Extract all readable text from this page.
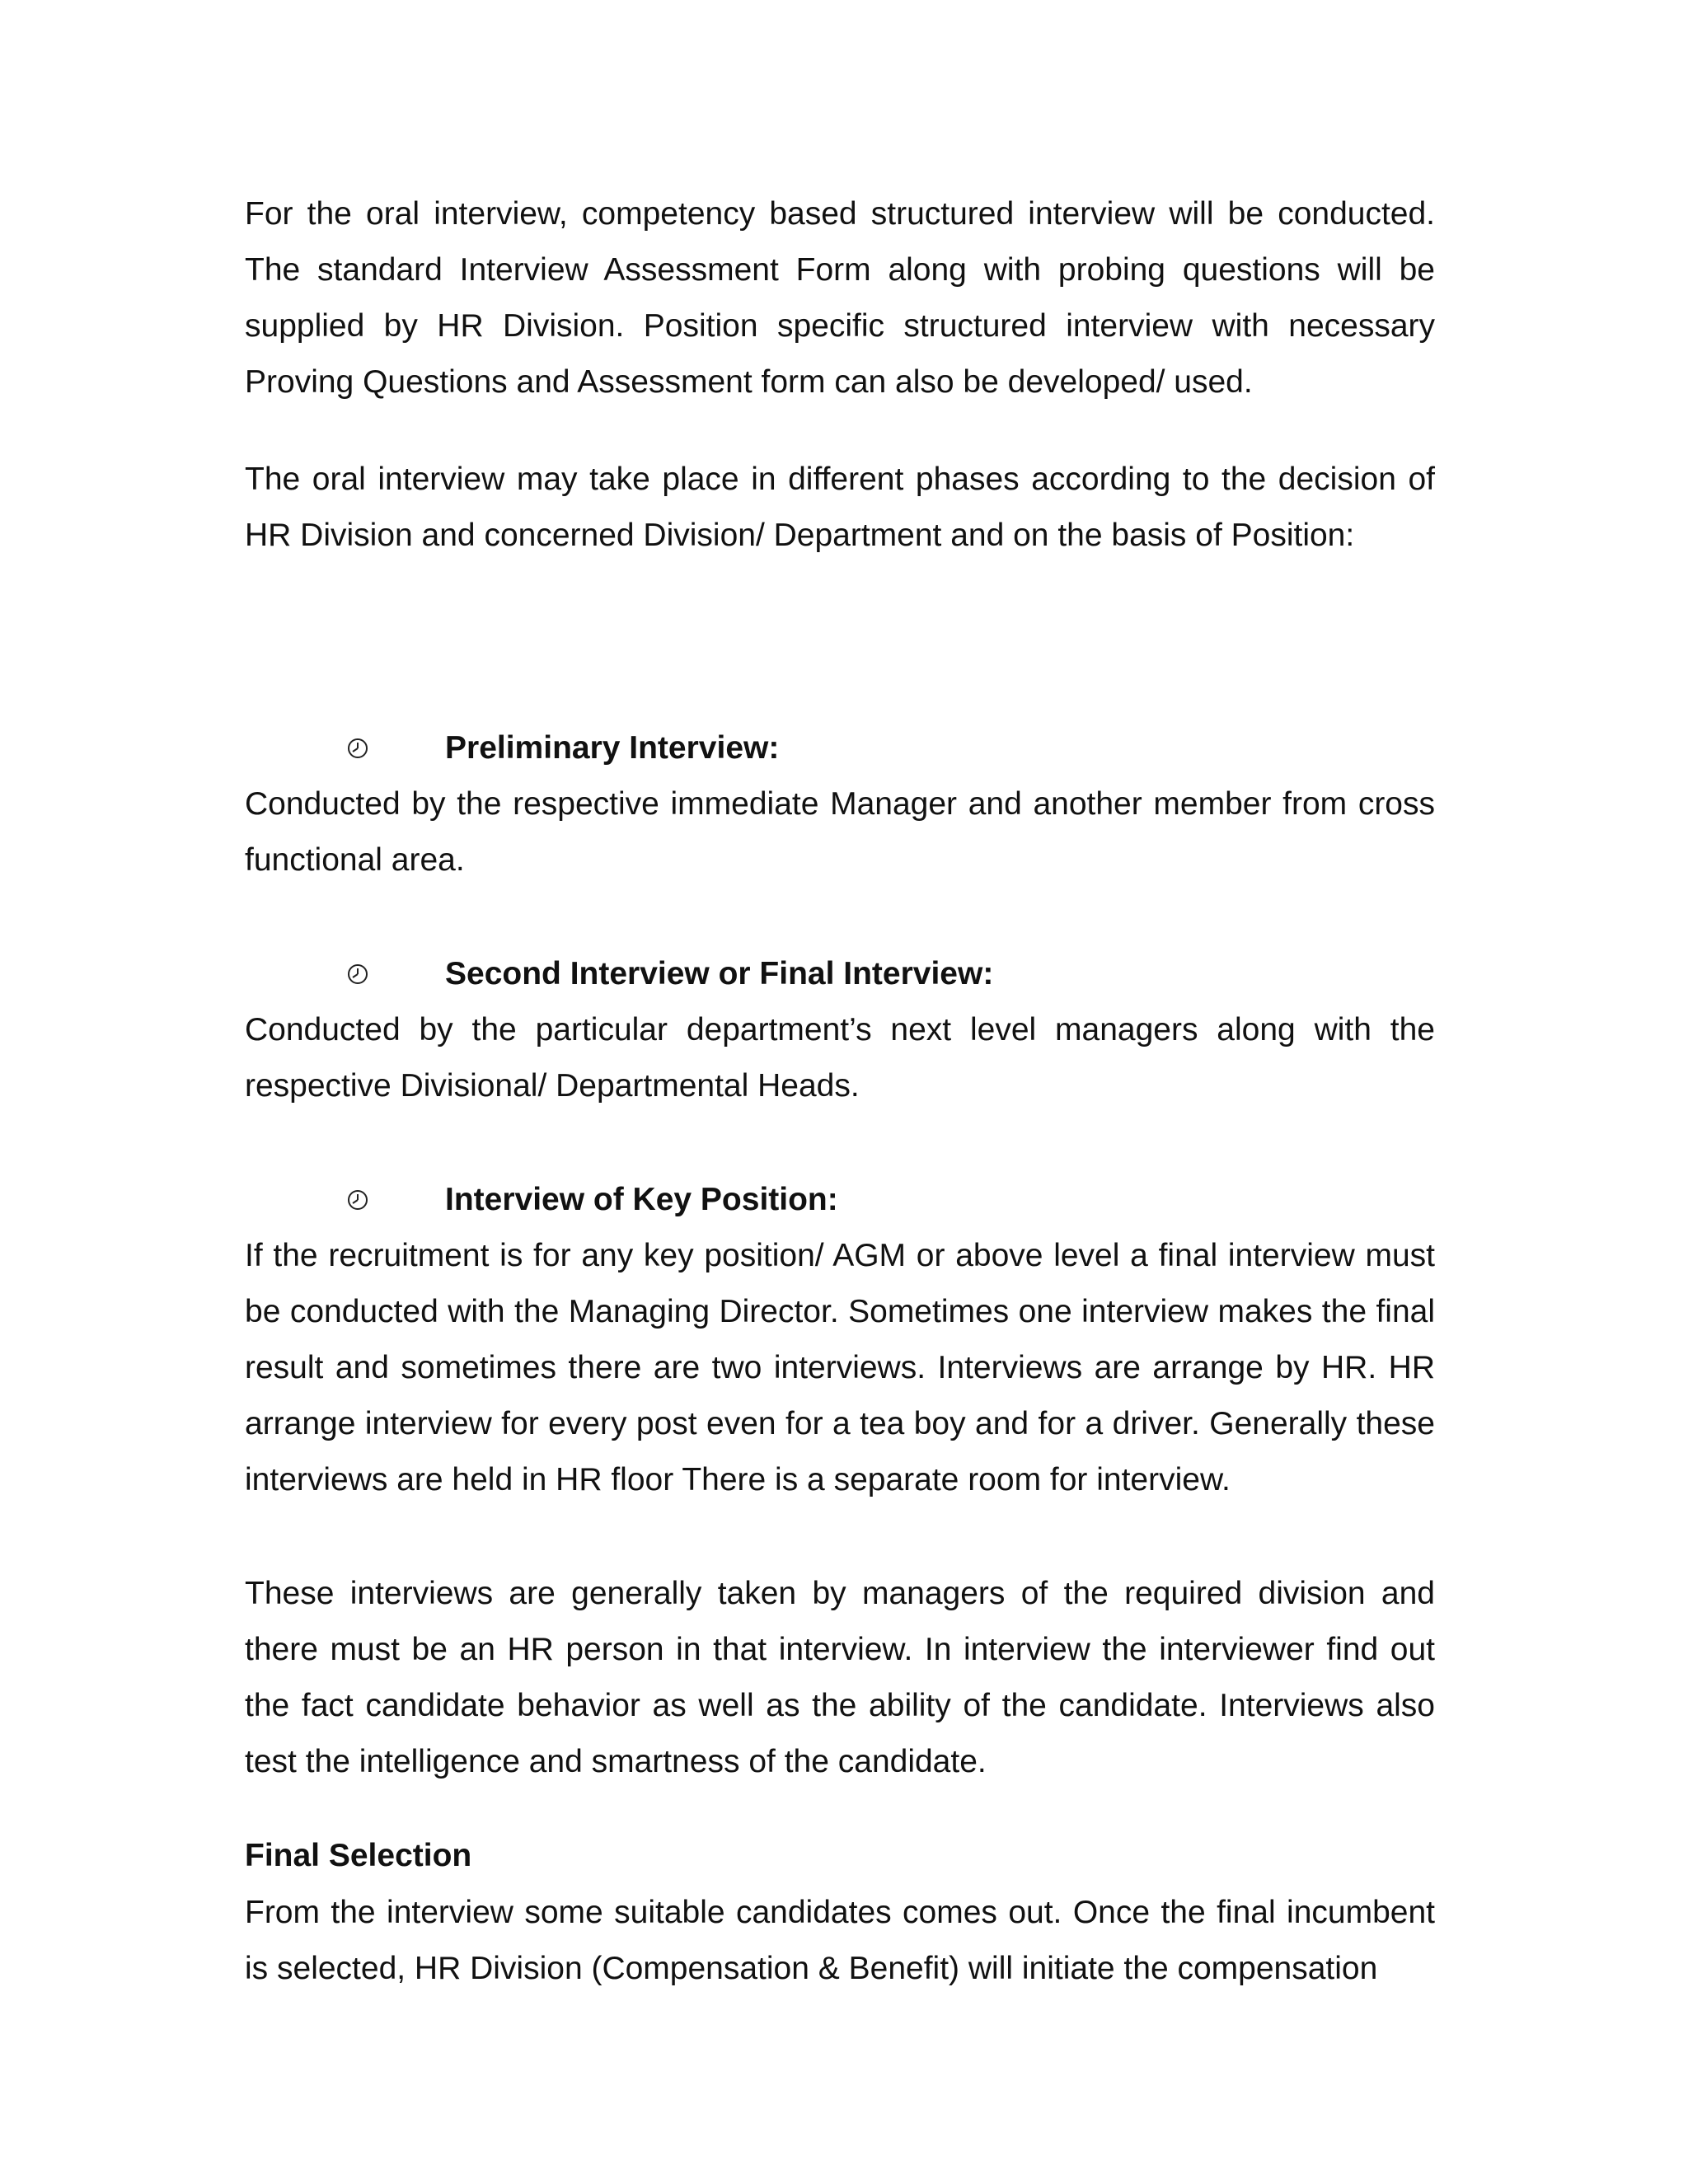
For the oral interview, competency based structured interview will be conducted. The standard Interview Assessment Form along with probing questions will be supplied by HR Division. Position specific structured interview with necessary Proving Questions and Assessment form can also be developed/ used.

The oral interview may take place in different phases according to the decision of HR Division and concerned Division/ Department and on the basis of Position:

Preliminary Interview:

Conducted by the respective immediate Manager and another member from cross functional area.

Second Interview or Final Interview:

Conducted by the particular department’s next level managers along with the respective Divisional/ Departmental Heads.

Interview of Key Position:

If the recruitment is for any key position/ AGM or above level a final interview must be conducted with the Managing Director. Sometimes one interview makes the final result and sometimes there are two interviews. Interviews are arrange by HR. HR arrange interview for every post even for a tea boy and for a driver. Generally these interviews are held in HR floor There is a separate room for interview.

These interviews are generally taken by managers of the required division and there must be an HR person in that interview. In interview the interviewer find out the fact candidate behavior as well as the ability of the candidate. Interviews also test the intelligence and smartness of the candidate.

Final Selection

From the interview some suitable candidates comes out. Once the final incumbent is selected, HR Division (Compensation & Benefit) will initiate the compensation
